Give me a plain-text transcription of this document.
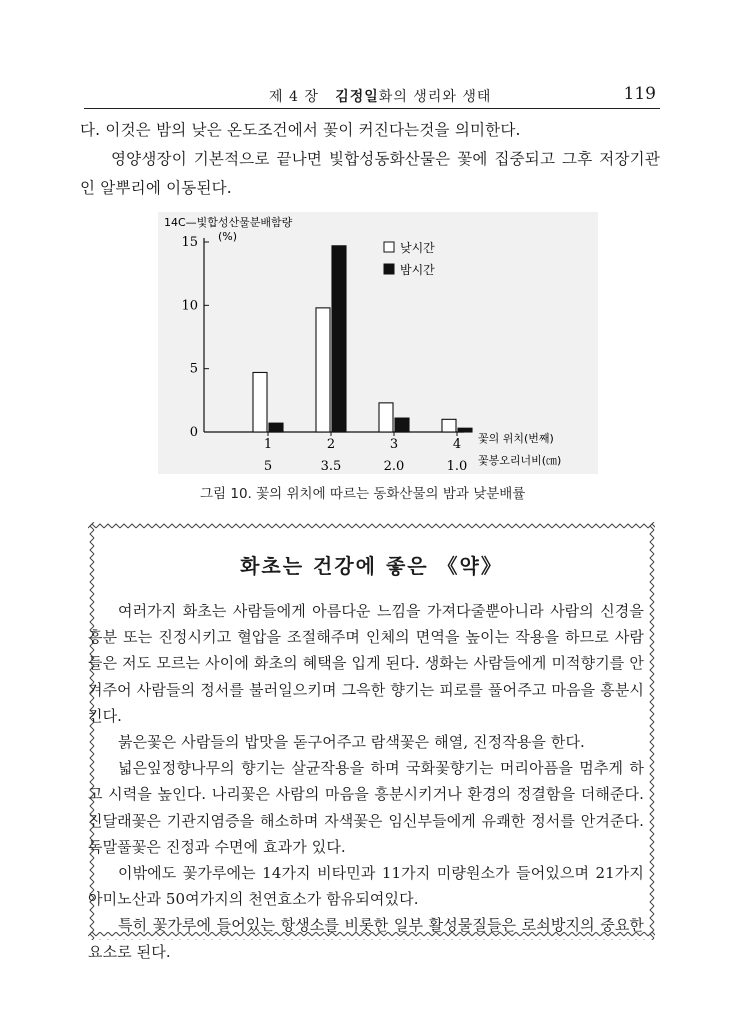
제 4 장 김정일화의 생리와 생태	119

다. 이것은 밤의 낮은 온도조건에서 꽃이 커진다는것을 의미한다.

영양생장이 기본적으로 끝나면 빛합성동화산물은 꽃에 집중되고 그후 저장기관인 알뿌리에 이동된다.

14C—빛합성산물분배함량
(%)
0
5
10
15
1
5
2
3.5
3
2.0
4
1.0
낮시간
밤시간
꽃의 위치(번째)
꽃봉오리너비(㎝)
그림 10. 꽃의 위치에 따르는 동화산물의 밤과 낮분배률
화초는 건강에 좋은 《약》

여러가지 화초는 사람들에게 아름다운 느낌을 가져다줄뿐아니라 사람의 신경을 흥분 또는 진정시키고 혈압을 조절해주며 인체의 면역을 높이는 작용을 하므로 사람들은 저도 모르는 사이에 화초의 혜택을 입게 된다. 생화는 사람들에게 미적향기를 안겨주어 사람들의 정서를 불러일으키며 그윽한 향기는 피로를 풀어주고 마음을 흥분시킨다.

붉은꽃은 사람들의 밥맛을 돋구어주고 람색꽃은 해열, 진정작용을 한다.

넓은잎정향나무의 향기는 살균작용을 하며 국화꽃향기는 머리아픔을 멈추게 하고 시력을 높인다. 나리꽃은 사람의 마음을 흥분시키거나 환경의 정결함을 더해준다. 진달래꽃은 기관지염증을 해소하며 자색꽃은 임신부들에게 유쾌한 정서를 안겨준다. 독말풀꽃은 진정과 수면에 효과가 있다.

이밖에도 꽃가루에는 14가지 비타민과 11가지 미량원소가 들어있으며 21가지 아미노산과 50여가지의 천연효소가 함유되여있다.

특히 꽃가루에 들어있는 항생소를 비롯한 일부 활성물질들은 로쇠방지의 중요한 요소로 된다.
